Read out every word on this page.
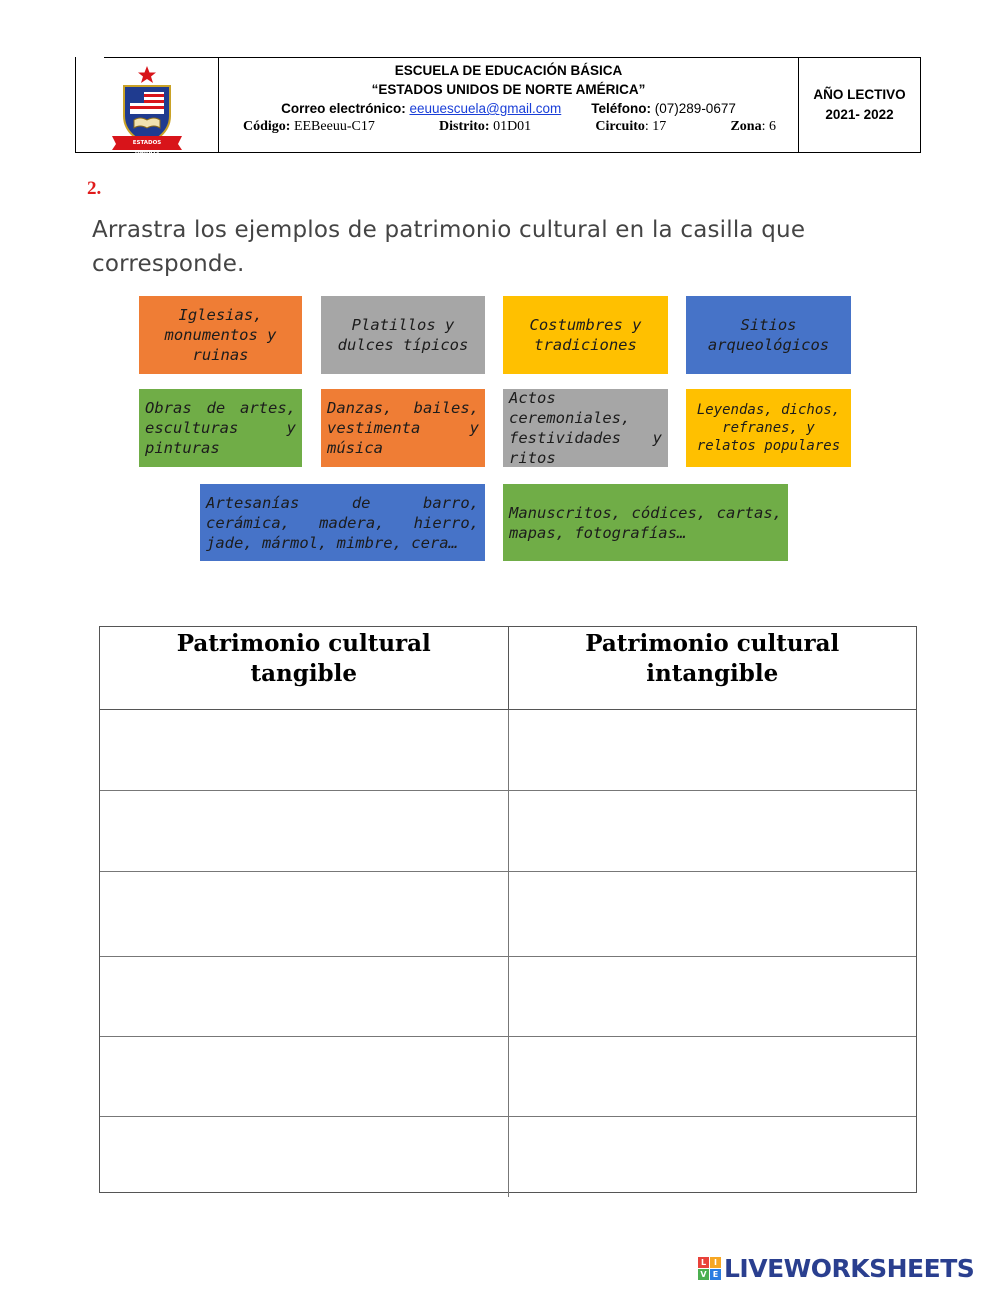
ESTADOS UNIDOS
ESCUELA DE EDUCACIÓN BÁSICA
“ESTADOS UNIDOS DE NORTE AMÉRICA”
Correo electrónico: eeuuescuela@gmail.com Teléfono: (07)289-0677
Código: EEBeeuu-C17	Distrito: 01D01	Circuito: 17	Zona: 6
AÑO LECTIVO
2021- 2022
2.
Arrastra los ejemplos de patrimonio cultural en la casilla que corresponde.
Iglesias, monumentos y ruinas
Platillos y dulces típicos
Costumbres y tradiciones
Sitios arqueológicos
Obras de artes, esculturas y pinturas
Danzas, bailes, vestimenta y música
Actos ceremoniales, festividades y ritos
Leyendas, dichos, refranes, y relatos populares
Artesanías de barro, cerámica, madera, hierro, jade, mármol, mimbre, cera…
Manuscritos, códices, cartas, mapas, fotografías…
Patrimonio cultural tangible
Patrimonio cultural intangible
L I
V E LIVEWORKSHEETS
